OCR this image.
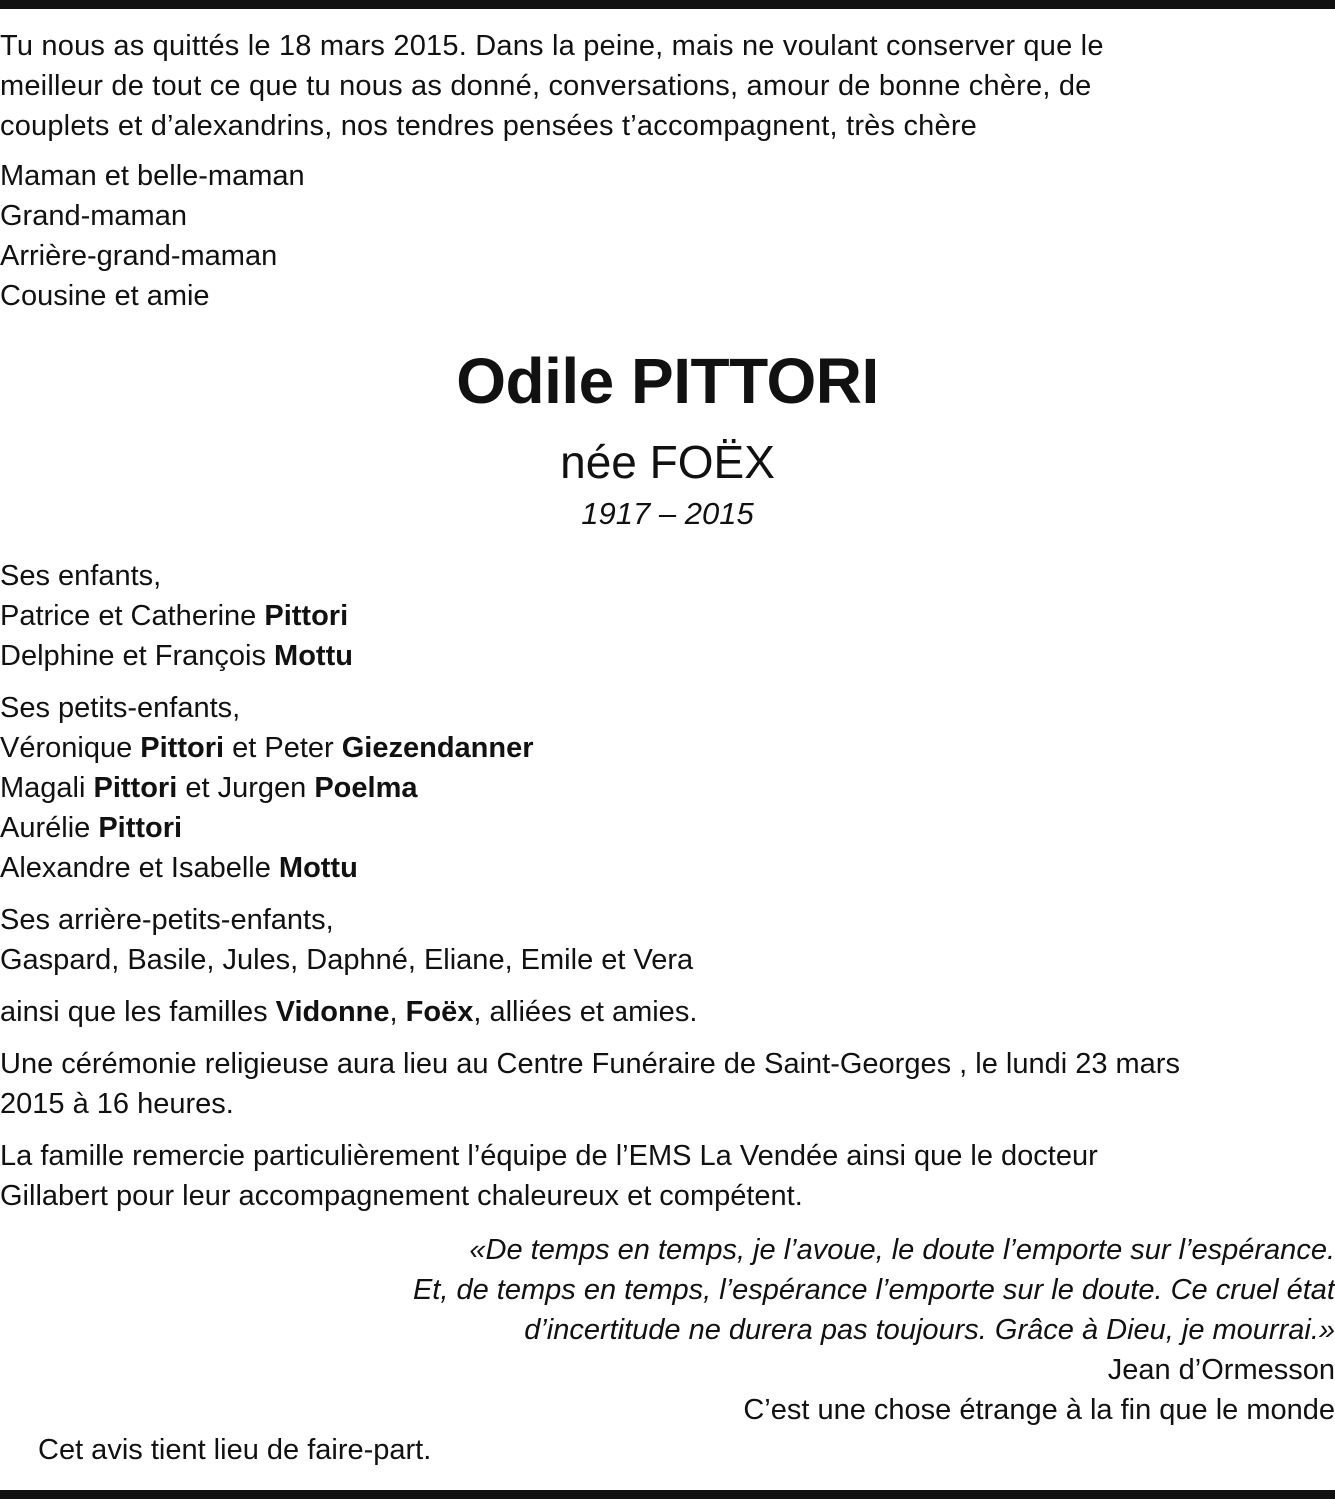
Tu nous as quittés le 18 mars 2015. Dans la peine, mais ne voulant conserver que le
meilleur de tout ce que tu nous as donné, conversations, amour de bonne chère, de
couplets et d’alexandrins, nos tendres pensées t’accompagnent, très chère
Maman et belle-maman
Grand-maman
Arrière-grand-maman
Cousine et amie
Odile PITTORI
née FOËX
1917 – 2015
Ses enfants,
Patrice et Catherine Pittori
Delphine et François Mottu
Ses petits-enfants,
Véronique Pittori et Peter Giezendanner
Magali Pittori et Jurgen Poelma
Aurélie Pittori
Alexandre et Isabelle Mottu
Ses arrière-petits-enfants,
Gaspard, Basile, Jules, Daphné, Eliane, Emile et Vera
ainsi que les familles Vidonne, Foëx, alliées et amies.
Une cérémonie religieuse aura lieu au Centre Funéraire de Saint-Georges , le lundi 23 mars
2015 à 16 heures.
La famille remercie particulièrement l’équipe de l’EMS La Vendée ainsi que le docteur
Gillabert pour leur accompagnement chaleureux et compétent.
«De temps en temps, je l’avoue, le doute l’emporte sur l’espérance.
Et, de temps en temps, l’espérance l’emporte sur le doute. Ce cruel état
d’incertitude ne durera pas toujours. Grâce à Dieu, je mourrai.»
Jean d’Ormesson
C’est une chose étrange à la fin que le monde
Cet avis tient lieu de faire-part.
